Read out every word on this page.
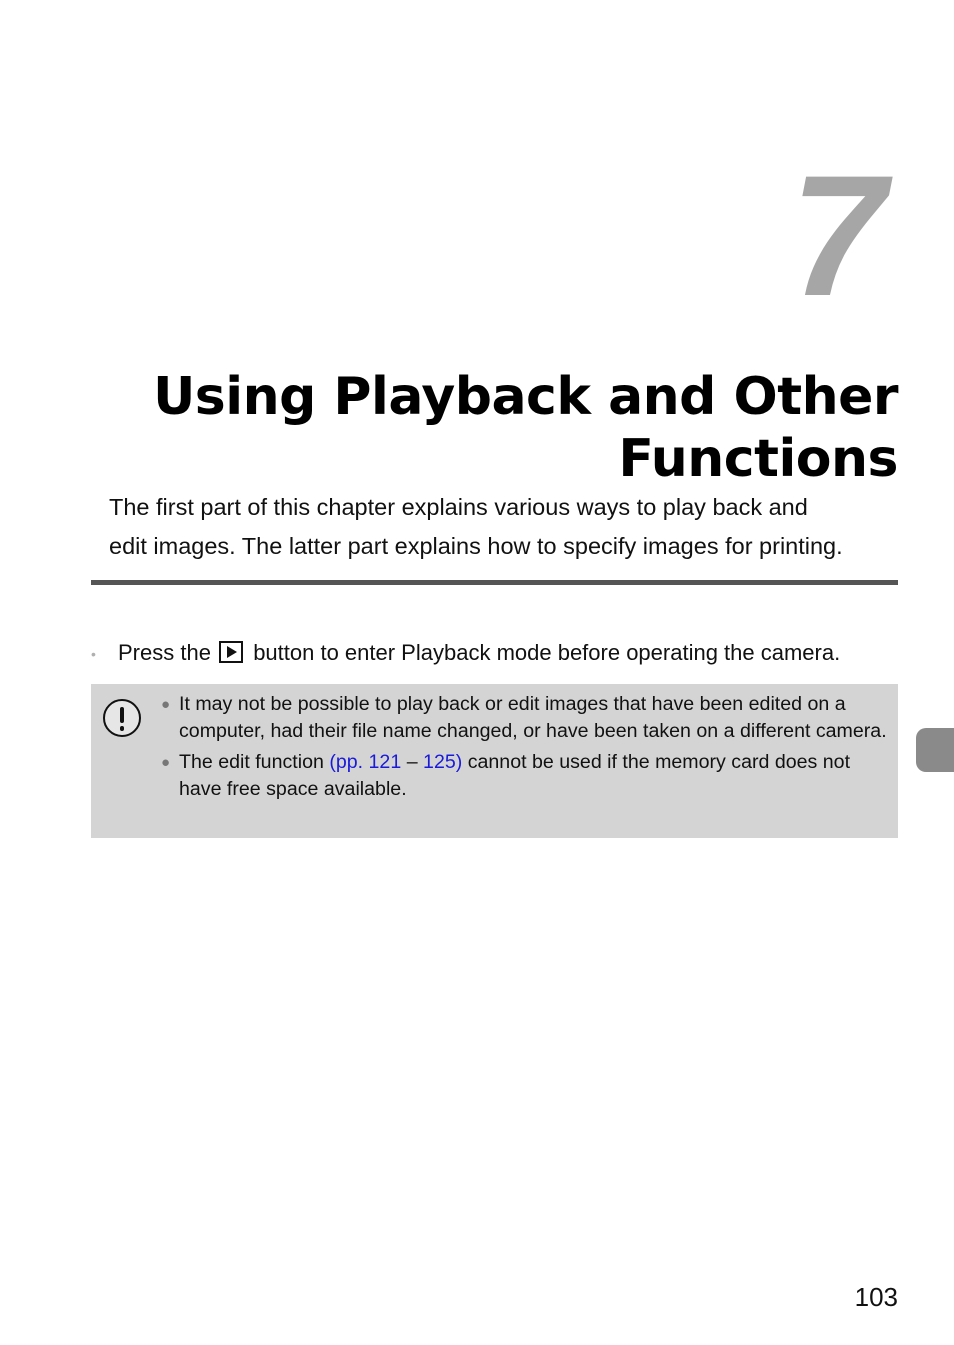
7
Using Playback and Other
Functions

The first part of this chapter explains various ways to play back and
edit images. The latter part explains how to specify images for printing.

• Press the button to enter Playback mode before operating the camera.
● It may not be possible to play back or edit images that have been edited on a computer, had their file name changed, or have been taken on a different camera.
● The edit function (pp. 121 – 125) cannot be used if the memory card does not have free space available.
103
